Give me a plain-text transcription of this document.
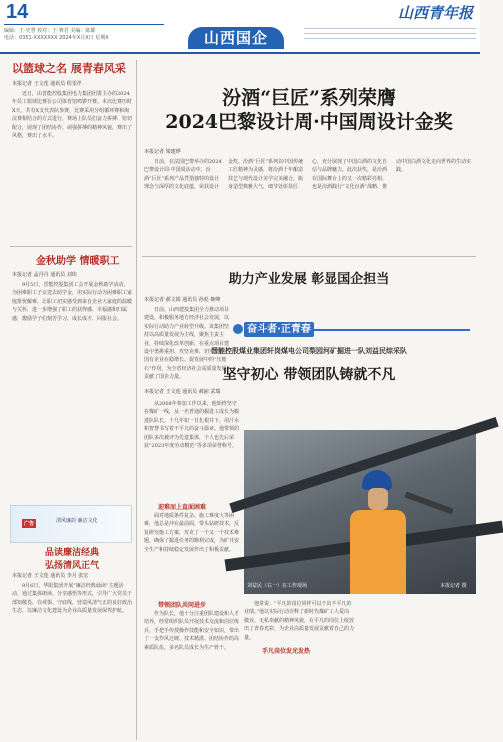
14
编辑：王·史慧 校对：王·赛君 美编：陈耀
电话：0351-XXXXXXX 2024年X月X日 星期X	山西国企
山西青年报
以篮球之名 展青春风采
本报记者 王文莲 通讯员 程雯芹
近日，由晋能控股集团电力集团团委主办的2024年员工篮球比赛在公司体育馆鸣锣开赛。本次比赛历时X天，共有X支代表队参赛，比赛采用分组循环赛和淘汰赛相结合的方式进行，赛场上队员们奋力拼搏、密切配合，展现了团结协作、顽强拼搏的精神风貌，赛出了风格，赛出了水平。
金秋助学 情暖职工
本报记者 孟丹丹 通讯员 刘玮
9月5日，晋能控股集团工会开展金秋助学活动，为困难职工子女送去助学金，用实际行动为困难职工家庭排忧解难，让职工切实感受到来自企业大家庭的温暖与关怀，进一步增强了职工的获得感、幸福感和归属感，激励学子们刻苦学习、成长成才、回报社会。
广告	清风廉韵 廉洁文化
品读廉洁经典 弘扬清风正气
本报记者 王文莲 通讯员 李月 张宏
9月6日，华阳集团开展“廉洁经典诵读”主题活动，通过集体朗读、分享感悟等形式，引导广大党员干部知敬畏、存戒惧、守底线，营造风清气正的良好政治生态，以廉洁文化建设为企业高质量发展保驾护航。
汾酒“巨匠”系列荣膺
2024巴黎设计周·中国周设计金奖
本报记者 梁建烨
日前，在法国巴黎举办的2024巴黎设计周·中国周活动中，汾酒“巨匠”系列产品凭借独特的设计理念与深厚的文化底蕴，荣获设计金奖。汾酒“巨匠”系列以中国传统工匠精神为灵感，将汾酒千年酿造技艺与现代设计美学完美融合，瓶身造型典雅大气，细节处彰显匠心，充分展现了中国白酒的文化自信与品牌魅力。此次获奖，是汾酒在国际舞台上的又一次精彩亮相，也是汾酒践行“文化汾酒”战略、推动中国白酒文化走向世界的生动实践。
助力产业发展 彰显国企担当
本报记者 郝文娟 通讯员 孙彪 姬峰
日前，山西建投集团全力推动项目建设，积极服务地方经济社会发展，以实际行动助力产业转型升级。该集团坚持以高质量发展为主线，聚焦主责主业，持续深化改革创新，在重点项目建设中勇挑重担、攻坚克难，切实发挥了国有企业在稳增长、促发展中的“压舱石”作用，为全省经济社会高质量发展贡献了国企力量。
奋斗者·正青春
晋能控股煤业集团轩岗煤电公司梨园河矿掘进一队刘益民综采队
坚守初心 带领团队铸就不凡
本报记者 王文莲 通讯员 郝丽 武瑞
从2008年参加工作以来，他始终坚守在煤矿一线，从一名普通的掘进工成长为掘进队队长，十几年如一日扎根井下，用汗水和智慧书写着不平凡的奋斗篇章。他带领的团队多次被评为先进集体，个人也先后荣获“2023年度劳动模范”等多项荣誉称号。
迎难而上直面困难
面对地质条件复杂、施工难度大等困难，他总是冲在最前面，带头钻研技术，反复研究施工方案，攻克了一个又一个技术难题，确保了掘进任务的顺利完成，为矿井安全生产和持续稳定发展作出了积极贡献。
带领团队共同进步
作为队长，他十分注重团队建设和人才培养，经常组织队员开展技术交流和岗位练兵，手把手传授操作技能和安全知识，带出了一支作风过硬、技术精湛、团结协作的高素质队伍，多名队员成长为生产骨干。
刘益民（右一）在工作现场	本报记者 摄
他常说：“平凡的岗位同样可以干出不平凡的业绩。”他以实际行动诠释了新时代煤矿工人爱岗敬业、无私奉献的精神风貌，在平凡的岗位上绽放出了青春光彩，为企业高质量发展贡献着自己的力量。
手凡岗位发光发热
